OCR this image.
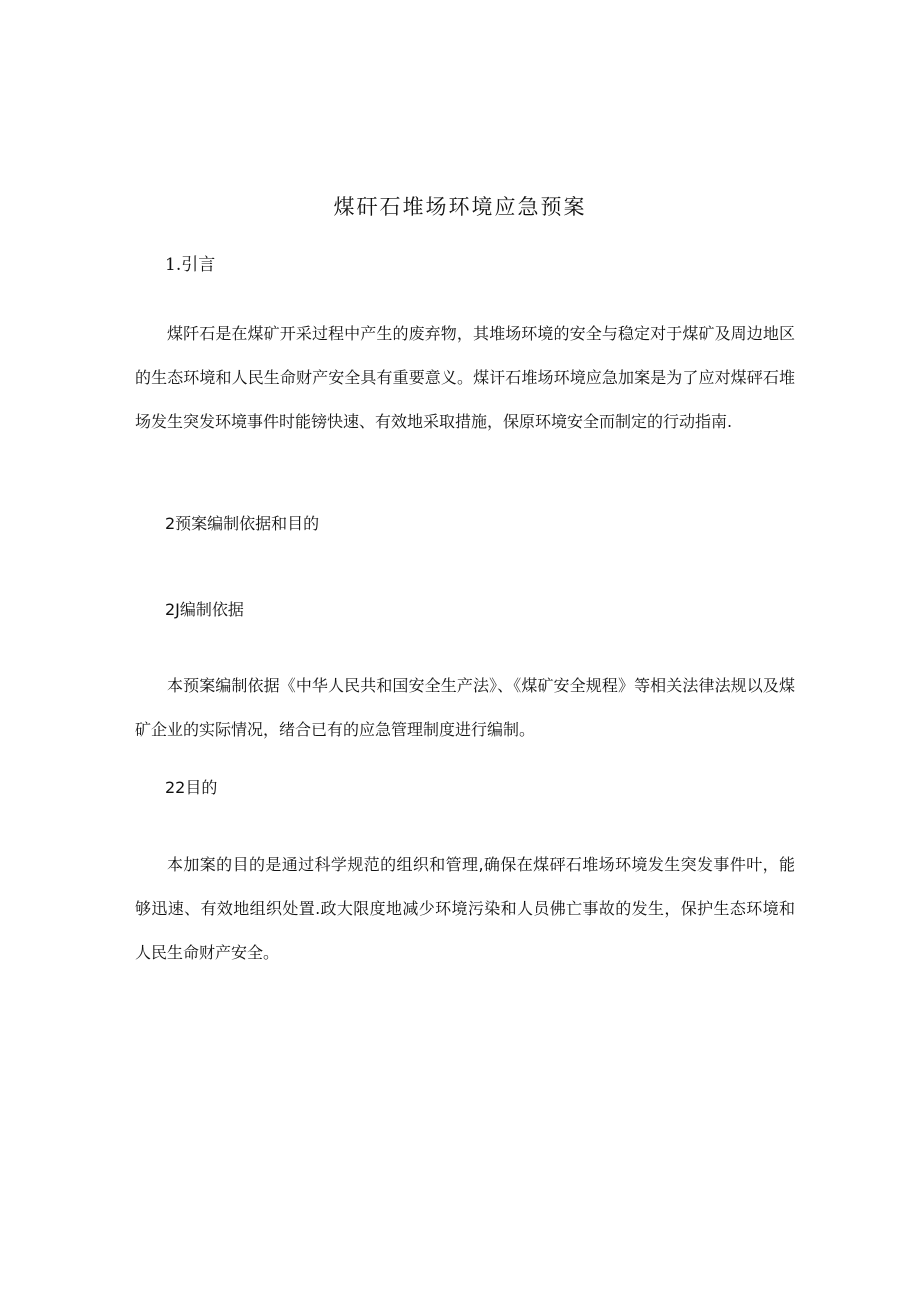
煤矸石堆场环境应急预案
1.引言

煤阡石是在煤矿开采过程中产生的废弃物，其堆场环境的安全与稳定对于煤矿及周边地区的生态环境和人民生命财产安全具有重要意义。煤讦石堆场环境应急加案是为了应对煤砰石堆场发生突发环境事件时能镑快速、有效地采取措施，保原环境安全而制定的行动指南.

2预案编制依据和目的
2J编制依据

本预案编制依据《中华人民共和国安全生产法》、《煤矿安全规程》等相关法律法规以及煤矿企业的实际情况，绪合已有的应急管理制度进行编制。

22目的

本加案的目的是通过科学规范的组织和管理,确保在煤砰石堆场环境发生突发事件叶，能够迅速、有效地组织处置.政大限度地减少环境污染和人员佛亡事故的发生，保护生态环境和人民生命财产安全。
